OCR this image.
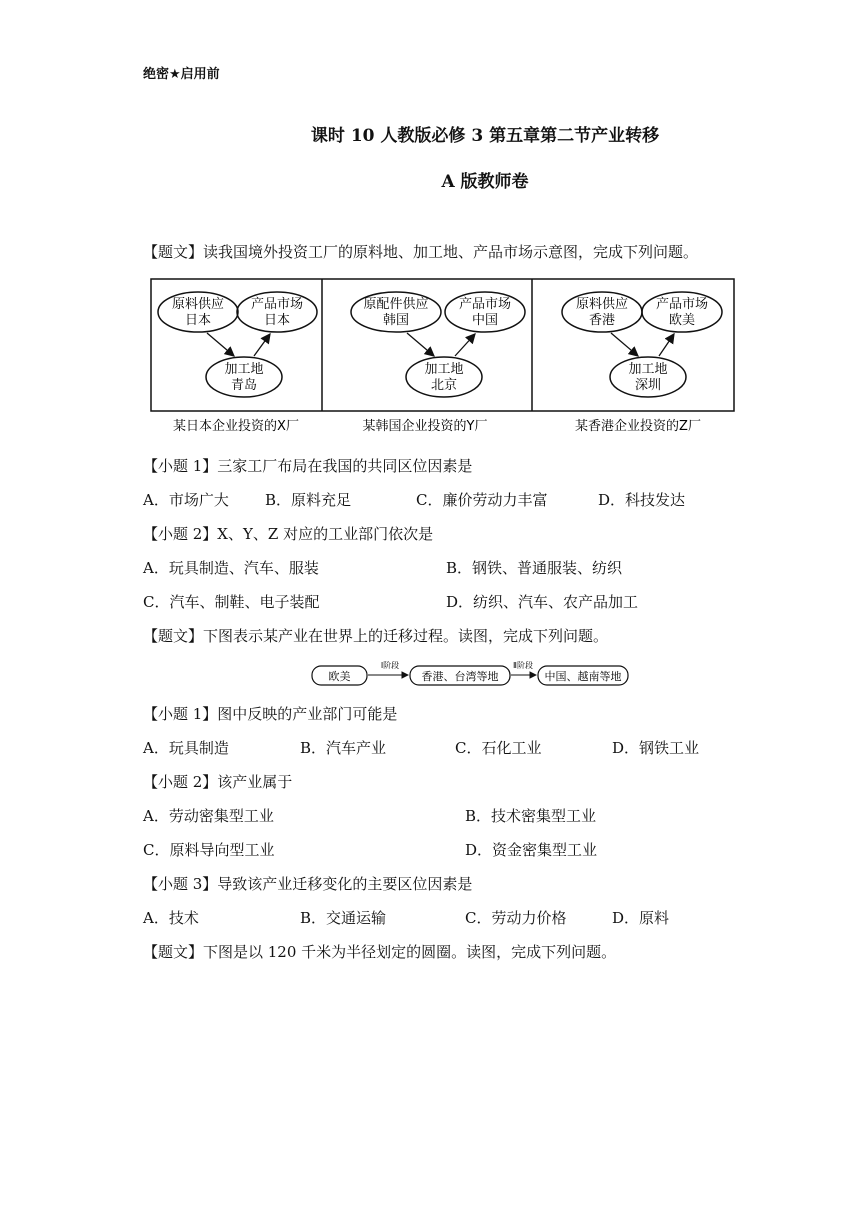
绝密★启用前
课时 10 人教版必修 3 第五章第二节产业转移
A 版教师卷
【题文】读我国境外投资工厂的原料地、加工地、产品市场示意图，完成下列问题。
原料供应
日本
产品市场
日本
加工地
青岛
某日本企业投资的X厂
原配件供应
韩国
产品市场
中国
加工地
北京
某韩国企业投资的Y厂
原料供应
香港
产品市场
欧美
加工地
深圳
某香港企业投资的Z厂
【小题 1】三家工厂布局在我国的共同区位因素是
A．市场广大 B．原料充足	C．廉价劳动力丰富	D．科技发达
【小题 2】X、Y、Z 对应的工业部门依次是
A．玩具制造、汽车、服装	B．钢铁、普通服装、纺织
C．汽车、制鞋、电子装配	D．纺织、汽车、农产品加工
【题文】下图表示某产业在世界上的迁移过程。读图，完成下列问题。
欧美
Ⅰ阶段
香港、台湾等地
Ⅱ阶段
中国、越南等地
【小题 1】图中反映的产业部门可能是
A．玩具制造	B．汽车产业	C．石化工业	D．钢铁工业
【小题 2】该产业属于
A．劳动密集型工业	B．技术密集型工业
C．原料导向型工业	D．资金密集型工业
【小题 3】导致该产业迁移变化的主要区位因素是
A．技术	B．交通运输	C．劳动力价格	D．原料
【题文】下图是以 120 千米为半径划定的圆圈。读图，完成下列问题。
